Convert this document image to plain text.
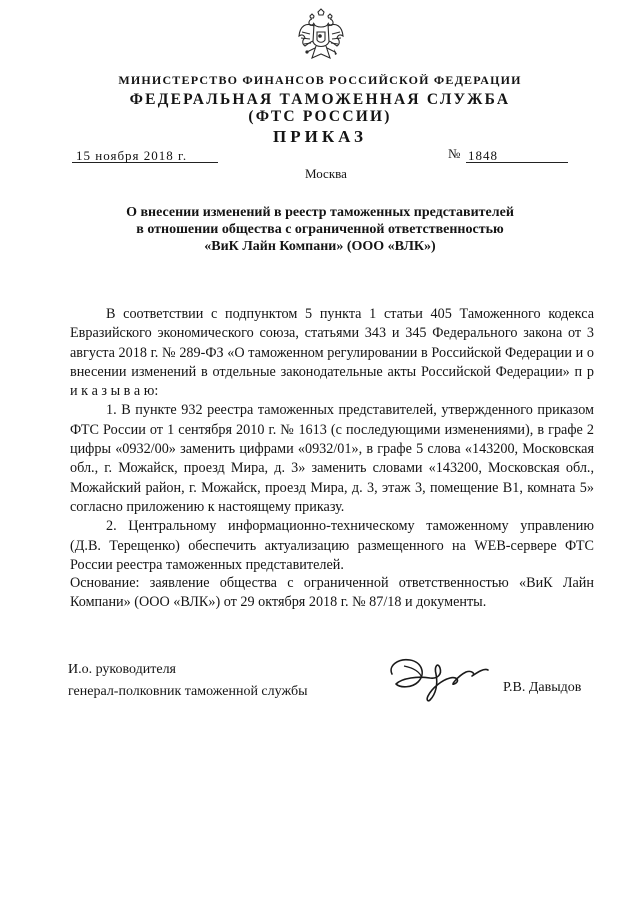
МИНИСТЕРСТВО ФИНАНСОВ РОССИЙСКОЙ ФЕДЕРАЦИИ
ФЕДЕРАЛЬНАЯ ТАМОЖЕННАЯ СЛУЖБА
(ФТС РОССИИ)
ПРИКАЗ
15 ноября 2018 г.	№ 1848
Москва
О внесении изменений в реестр таможенных представителей
в отношении общества с ограниченной ответственностью
«ВиК Лайн Компани» (ООО «ВЛК»)

В соответствии с подпунктом 5 пункта 1 статьи 405 Таможенного кодекса Евразийского экономического союза, статьями 343 и 345 Федерального закона от 3 августа 2018 г. № 289-ФЗ «О таможенном регулировании в Российской Федерации и о внесении изменений в отдельные законодательные акты Российской Федерации» п р и к а з ы в а ю:

1. В пункте 932 реестра таможенных представителей, утвержденного приказом ФТС России от 1 сентября 2010 г. № 1613 (с последующими изменениями), в графе 2 цифры «0932/00» заменить цифрами «0932/01», в графе 5 слова «143200, Московская обл., г. Можайск, проезд Мира, д. 3» заменить словами «143200, Московская обл., Можайский район, г. Можайск, проезд Мира, д. 3, этаж 3, помещение В1, комната 5» согласно приложению к настоящему приказу.

2. Центральному информационно-техническому таможенному управлению (Д.В. Терещенко) обеспечить актуализацию размещенного на WEB-сервере ФТС России реестра таможенных представителей.

Основание: заявление общества с ограниченной ответственностью «ВиК Лайн Компани» (ООО «ВЛК») от 29 октября 2018 г. № 87/18 и документы.

И.о. руководителя
генерал-полковник таможенной службы	Р.В. Давыдов
